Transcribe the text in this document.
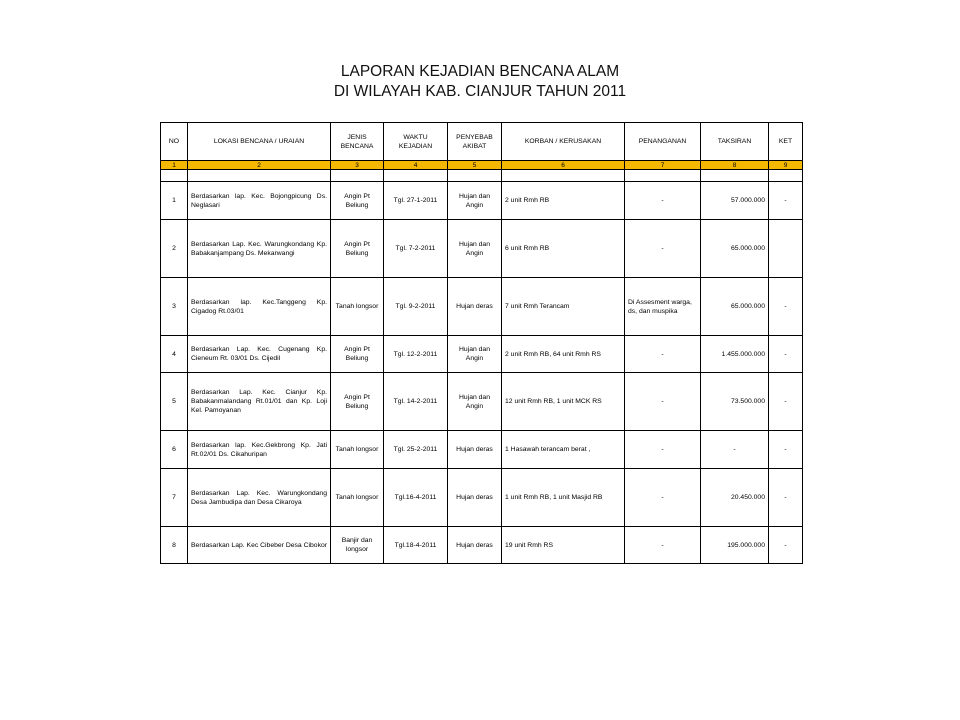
LAPORAN KEJADIAN BENCANA ALAM
DI WILAYAH KAB. CIANJUR TAHUN 2011
NO	LOKASI BENCANA / URAIAN	JENIS BENCANA	WAKTU KEJADIAN	PENYEBAB AKIBAT	KORBAN / KERUSAKAN	PENANGANAN	TAKSIRAN	KET
1	2	3	4	5	6	7	8	9

1	Berdasarkan lap. Kec. Bojongpicung Ds. Neglasari	Angin Pt Beliung	Tgl. 27-1-2011	Hujan dan Angin	2 unit Rmh RB	-	57.000.000	-
2	Berdasarkan Lap. Kec. Warungkondang Kp. Babakanjampang Ds. Mekarwangi	Angin Pt Beliung	Tgl. 7-2-2011	Hujan dan Angin	6 unit Rmh RB	-	65.000.000	
3	Berdasarkan lap. Kec.Tanggeng Kp. Cigadog Rt.03/01	Tanah longsor	Tgl. 9-2-2011	Hujan deras	7 unit Rmh Terancam	Di Assesment warga, ds, dan muspika	65.000.000	-
4	Berdasarkan Lap. Kec. Cugenang Kp. Cieneum Rt. 03/01 Ds. Cijedil	Angin Pt Beliung	Tgl. 12-2-2011	Hujan dan Angin	2 unit Rmh RB, 64 unit Rmh RS	-	1.455.000.000	-
5	Berdasarkan Lap. Kec. Cianjur Kp. Babakanmalandang Rt.01/01 dan Kp. Loji Kel. Pamoyanan	Angin Pt Beliung	Tgl. 14-2-2011	Hujan dan Angin	12 unit Rmh RB, 1 unit MCK RS	-	73.500.000	-
6	Berdasarkan lap. Kec.Gekbrong Kp. Jati Rt.02/01 Ds. Cikahuripan	Tanah longsor	Tgl. 25-2-2011	Hujan deras	1 Hasawah terancam berat ,	-	-	-
7	Berdasarkan Lap. Kec. Warungkondang Desa Jambudipa dan Desa Cikaroya	Tanah longsor	Tgl.16-4-2011	Hujan deras	1 unit Rmh RB, 1 unit Masjid RB	-	20.450.000	-
8	Berdasarkan Lap. Kec Cibeber Desa Cibokor	Banjir dan longsor	Tgl.18-4-2011	Hujan deras	19 unit Rmh RS	-	195.000.000	-
